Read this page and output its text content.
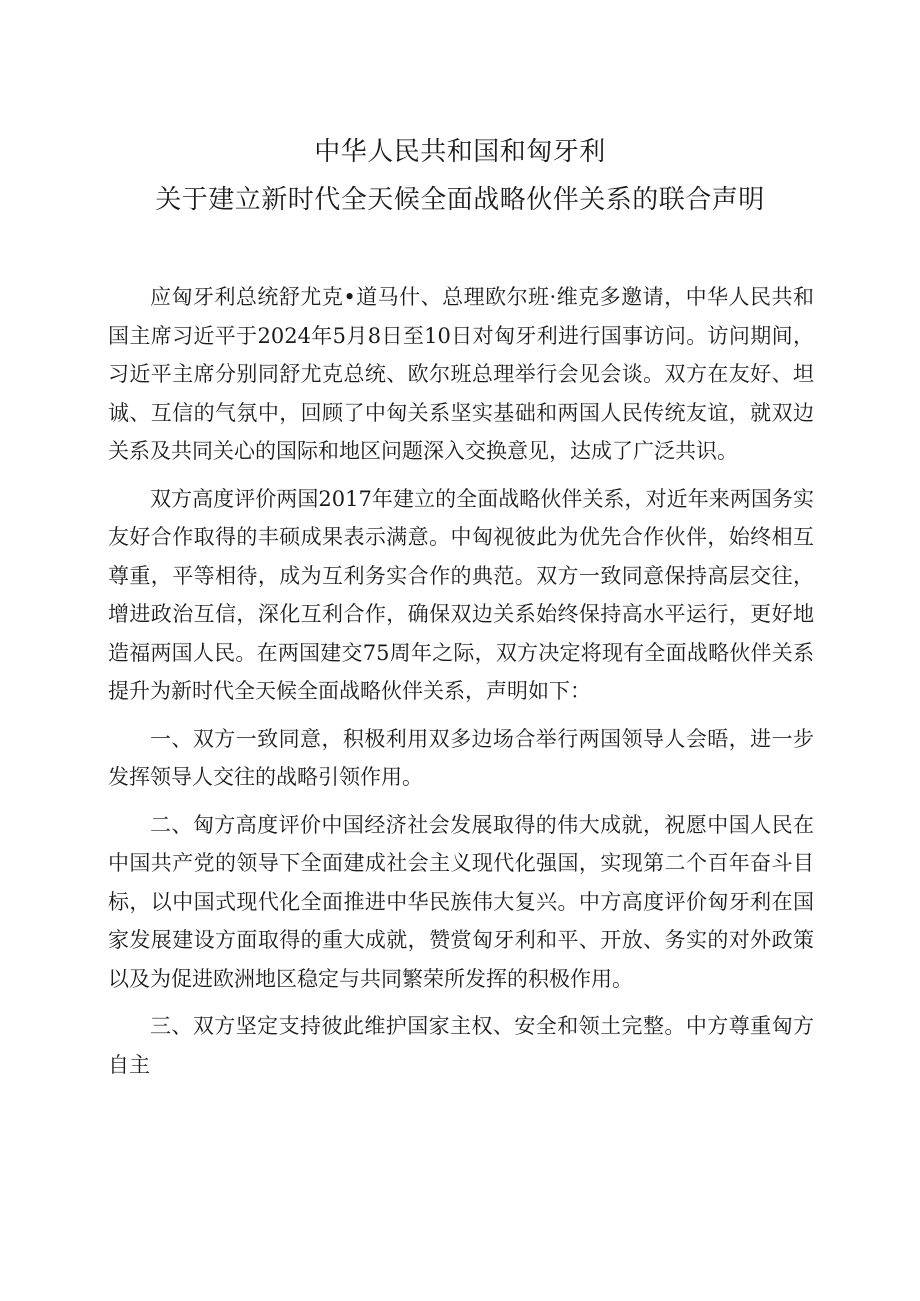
中华人民共和国和匈牙利
关于建立新时代全天候全面战略伙伴关系的联合声明

应匈牙利总统舒尤克•道马什、总理欧尔班·维克多邀请，中华人民共和国主席习近平于2024年5月8日至10日对匈牙利进行国事访问。访问期间，习近平主席分别同舒尤克总统、欧尔班总理举行会见会谈。双方在友好、坦诚、互信的气氛中，回顾了中匈关系坚实基础和两国人民传统友谊，就双边关系及共同关心的国际和地区问题深入交换意见，达成了广泛共识。

双方高度评价两国2017年建立的全面战略伙伴关系，对近年来两国务实友好合作取得的丰硕成果表示满意。中匈视彼此为优先合作伙伴，始终相互尊重，平等相待，成为互利务实合作的典范。双方一致同意保持高层交往，增进政治互信，深化互利合作，确保双边关系始终保持高水平运行，更好地造福两国人民。在两国建交75周年之际，双方决定将现有全面战略伙伴关系提升为新时代全天候全面战略伙伴关系，声明如下：

一、双方一致同意，积极利用双多边场合举行两国领导人会晤，进一步发挥领导人交往的战略引领作用。

二、匈方高度评价中国经济社会发展取得的伟大成就，祝愿中国人民在中国共产党的领导下全面建成社会主义现代化强国，实现第二个百年奋斗目标，以中国式现代化全面推进中华民族伟大复兴。中方高度评价匈牙利在国家发展建设方面取得的重大成就，赞赏匈牙利和平、开放、务实的对外政策以及为促进欧洲地区稳定与共同繁荣所发挥的积极作用。

三、双方坚定支持彼此维护国家主权、安全和领土完整。中方尊重匈方自主
